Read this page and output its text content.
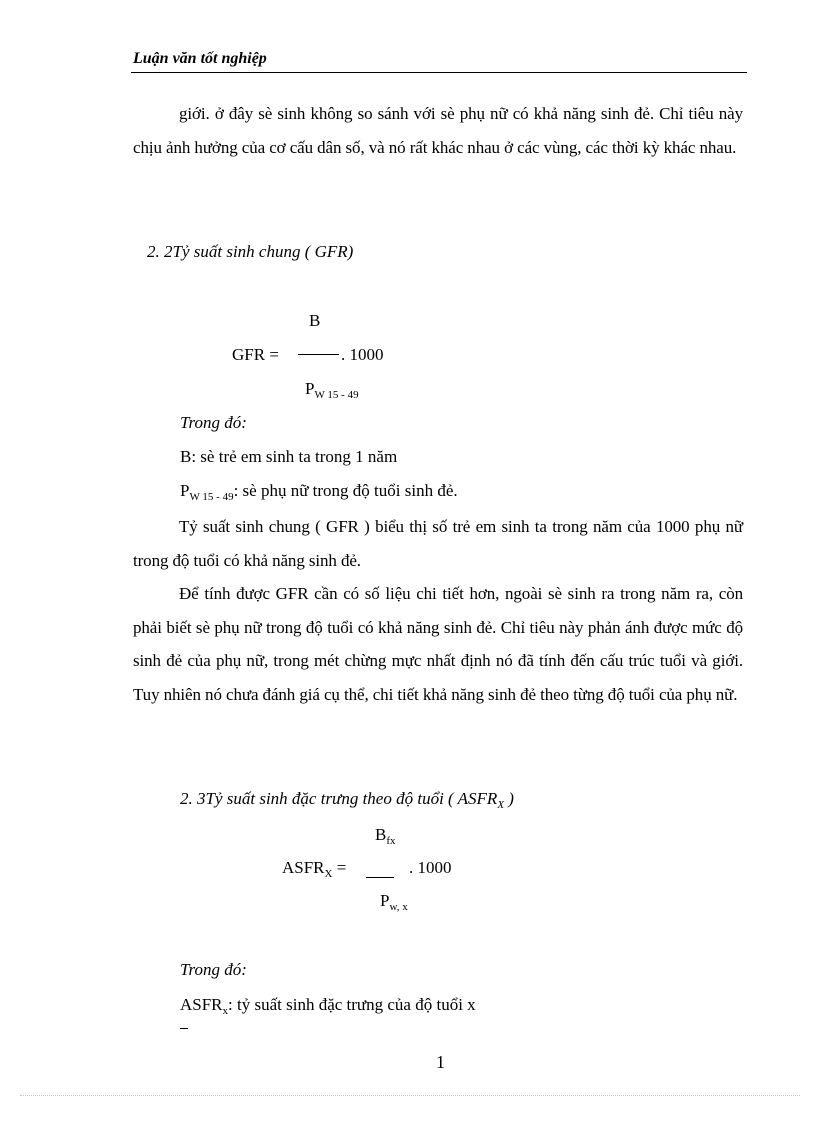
Luận văn tốt nghiệp
giới. ở đây sè sinh không so sánh với sè phụ nữ có khả năng sinh đẻ. Chỉ tiêu này chịu ảnh hưởng của cơ cấu dân số, và nó rất khác nhau ở các vùng, các thời kỳ khác nhau.
2. 2Tỷ suất sinh chung ( GFR)
B
GFR =	. 1000
$P_{W 15 - 49}$
Trong đó:
B: sè trẻ em sinh ta trong 1 năm
$P_{W 15 - 49}$: sè phụ nữ trong độ tuổi sinh đẻ.
Tỷ suất sinh chung ( GFR ) biểu thị số trẻ em sinh ta trong năm của 1000 phụ nữ trong độ tuổi có khả năng sinh đẻ.
Để tính được GFR cần có số liệu chi tiết hơn, ngoài sè sinh ra trong năm ra, còn phải biết sè phụ nữ trong độ tuổi có khả năng sinh đẻ. Chỉ tiêu này phản ánh được mức độ sinh đẻ của phụ nữ, trong mét chừng mực nhất định nó đã tính đến cấu trúc tuổi và giới. Tuy nhiên nó chưa đánh giá cụ thể, chi tiết khả năng sinh đẻ theo từng độ tuổi của phụ nữ.
2. 3Tỷ suất sinh đặc trưng theo độ tuổi ( $ASFR_X$ )
$B_{fx}$
$ASFR_X$ =	. 1000
$P_{w, x}$
Trong đó:
$ASFR_x$: tỷ suất sinh đặc trưng của độ tuổi x
1
